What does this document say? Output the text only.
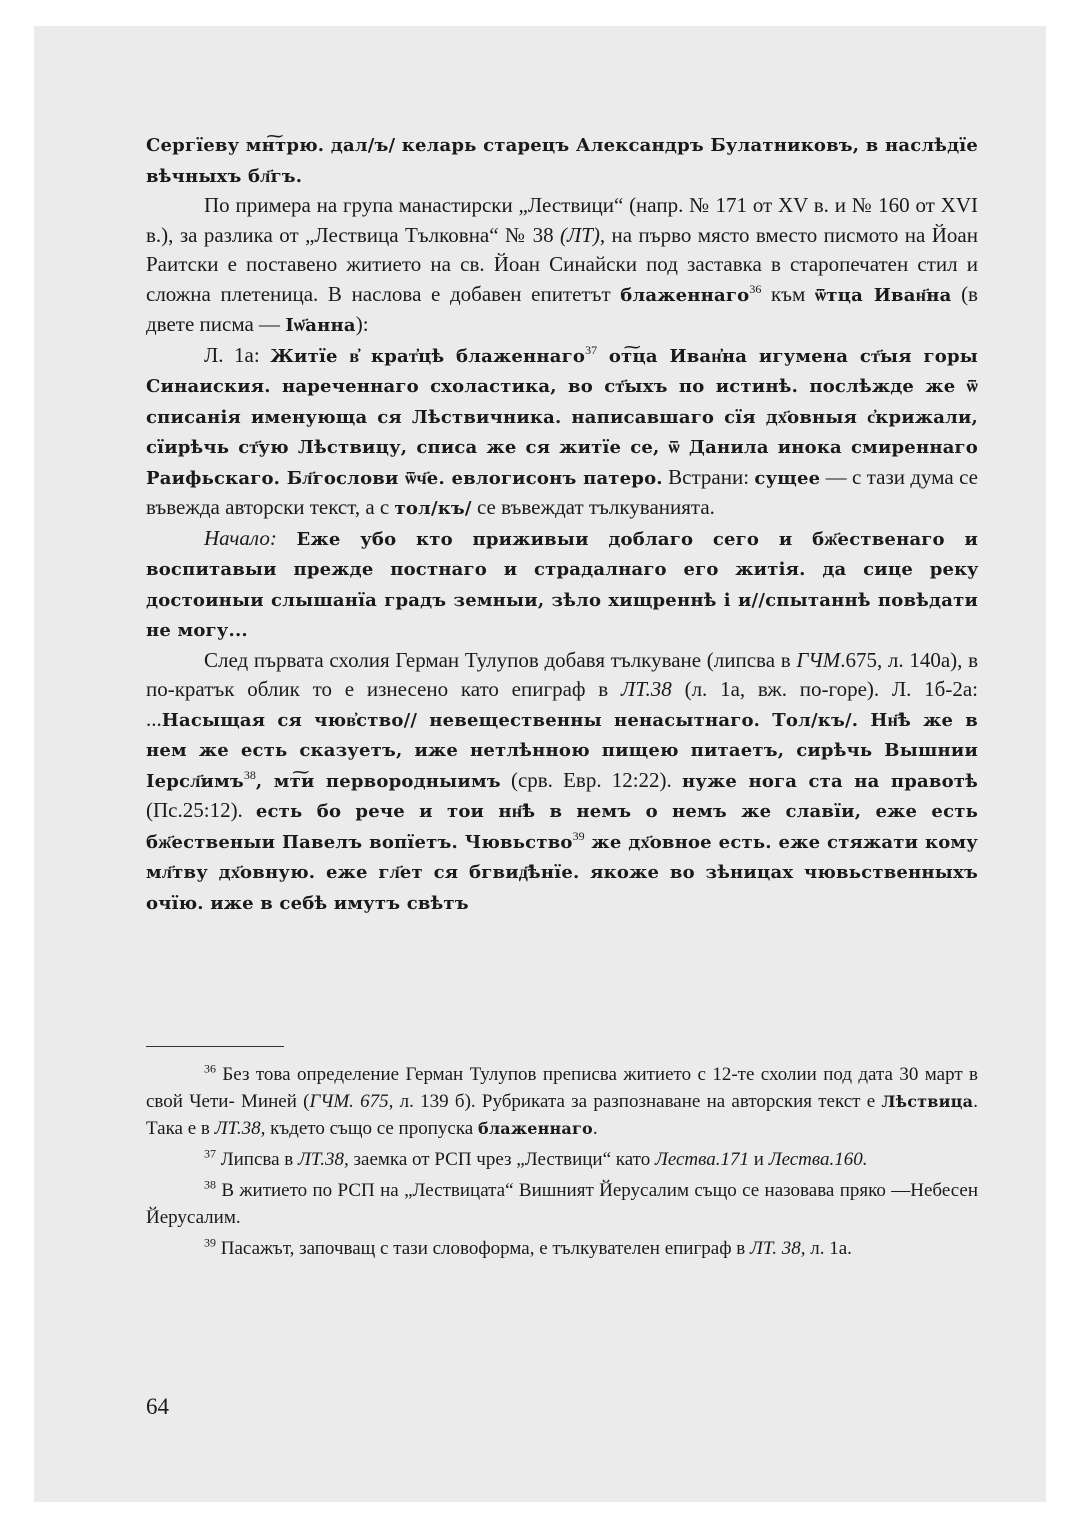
Сергїеву мн͠трю. дал/ъ/ келарь старецъ Александръ Булатниковъ, в наслѣдїе вѣчныхъ бл҃гъ.

По примера на група манастирски „Лествици“ (напр. № 171 от XV в. и № 160 от XVI в.), за разлика от „Лествица Тълковна“ № 38 (ЛТ), на първо място вместо писмото на Йоан Раитски е поставено житието на св. Йоан Синайски под заставка в старопечатен стил и сложна плетеница. В наслова е добавен епитетът блаженнаго$^{36}$ към ѿтца Иван҃на (в двете писма — Іѡ҃анна):

Л. 1а: Житїе в҆ крат҆цѣ блаженнаго$^{37}$ от͠ца Иван҆на игумена ст҃ыя горы Синаиския. нареченнаго схоластика, во ст҃ыхъ по истинѣ. послѣжде же ѿ списанія именующа ся Лѣствичника. написавшаго сїя дх҃овныя с҆крижали, сїирѣчь ст҃ую Лѣствицу, списа же ся житїе се, ѿ Данила инока смиреннаго Раифьскаго. Бл҃гослови ѿч҃е. евлогисонъ патеро. Встрани: сущее — с тази дума се въвежда авторски текст, а с тол/къ/ се въвеждат тълкуванията.

Начало: Еже убо кто приживыи доблаго сего и бж҃ественаго и воспитавыи прежде постнаго и страдалнаго его житія. да сице рекy достоиныи слышанїа градъ земныи, зѣло хищреннѣ і и//спытаннѣ повѣдати не могу...

След първата схолия Герман Тулупов добавя тълкуване (липсва в ГЧМ.675, л. 140а), в по-кратък облик то е изнесено като епиграф в ЛТ.38 (л. 1а, вж. по-горе). Л. 1б-2а: ...Насыщая ся чюв҆ство// невещественны ненасытнаго. Тол/къ/. Нн҃ѣ же в нем же есть сказуетъ, иже нетлѣнною пищею питаетъ, сирѣчь Вышнии Іерсл҃имъ$^{38}$, мт͠и первородныимъ (срв. Евр. 12:22). нуже нога ста на правотѣ (Пс.25:12). есть бо рече и тои нн҃ѣ в немъ о немъ же славїи, еже есть бж҃ественыи Павелъ вопїетъ. Чювьство$^{39}$ же дх҃овное есть. еже стяжати кому мл҃тву дх҃овную. еже гл҃ет ся бгвид҃ѣнїе. якоже во зѣницах чювьственныхъ очїю. иже в себѣ имутъ свѣтъ

$^{36}$ Без това определение Герман Тулупов преписва житието с 12-те схолии под дата 30 март в свой Чети- Миней (ГЧМ. 675, л. 139 б). Рубриката за разпознаване на авторския текст е Лѣствица. Така е в ЛТ.38, където също се пропуска блаженнаго.

$^{37}$ Липсва в ЛТ.38, заемка от РСП чрез „Лествици“ като Лества.171 и Лества.160.

$^{38}$ В житието по РСП на „Лествицата“ Вишният Йерусалим също се назовава пряко —Небесен Йерусалим.

$^{39}$ Пасажът, започващ с тази словоформа, е тълкувателен епиграф в ЛТ. 38, л. 1а.

64
